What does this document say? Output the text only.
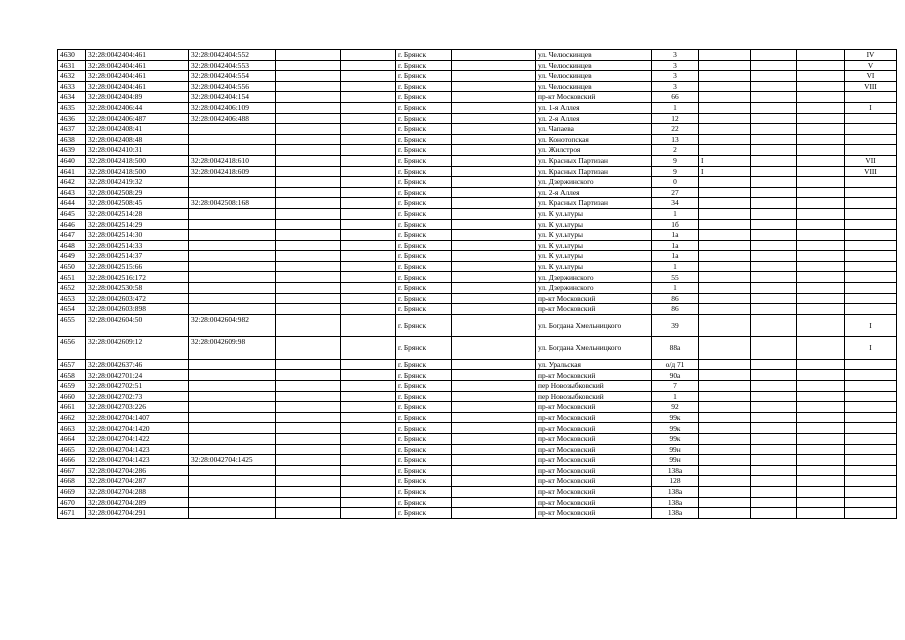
4630	32:28:0042404:461	32:28:0042404:552			г. Брянск		ул. Челюскинцев	3				IV
4631	32:28:0042404:461	32:28:0042404:553			г. Брянск		ул. Челюскинцев	3				V
4632	32:28:0042404:461	32:28:0042404:554			г. Брянск		ул. Челюскинцев	3				VI
4633	32:28:0042404:461	32:28:0042404:556			г. Брянск		ул. Челюскинцев	3				VIII
4634	32:28:0042404:89	32:28:0042404:154			г. Брянск		пр-кт Московский	66				
4635	32:28:0042406:44	32:28:0042406:109			г. Брянск		ул. 1-я Аллея	1				I
4636	32:28:0042406:487	32:28:0042406:488			г. Брянск		ул. 2-я Аллея	12				
4637	32:28:0042408:41				г. Брянск		ул. Чапаева	22				
4638	32:28:0042408:48				г. Брянск		ул. Конотопская	13				
4639	32:28:0042410:31				г. Брянск		ул. Жилстроя	2				
4640	32:28:0042418:500	32:28:0042418:610			г. Брянск		ул. Красных Партизан	9	I			VII
4641	32:28:0042418:500	32:28:0042418:609			г. Брянск		ул. Красных Партизан	9	I			VIII
4642	32:28:0042419:32				г. Брянск		ул. Дзержинского	0				
4643	32:28:0042508:29				г. Брянск		ул. 2-я Аллея	27				
4644	32:28:0042508:45	32:28:0042508:168			г. Брянск		ул. Красных Партизан	34				
4645	32:28:0042514:28				г. Брянск		ул. К ул.ьтуры	1				
4646	32:28:0042514:29				г. Брянск		ул. К ул.ьтуры	1б				
4647	32:28:0042514:30				г. Брянск		ул. К ул.ьтуры	1а				
4648	32:28:0042514:33				г. Брянск		ул. К ул.ьтуры	1а				
4649	32:28:0042514:37				г. Брянск		ул. К ул.ьтуры	1а				
4650	32:28:0042515:66				г. Брянск		ул. К ул.ьтуры	1				
4651	32:28:0042516:172				г. Брянск		ул. Дзержинского	55				
4652	32:28:0042530:58				г. Брянск		ул. Дзержинского	1				
4653	32:28:0042603:472				г. Брянск		пр-кт Московский	86				
4654	32:28:0042603:898				г. Брянск		пр-кт Московский	86				
4655	32:28:0042604:50	32:28:0042604:982			г. Брянск		ул. Богдана Хмельницкого	39				I
4656	32:28:0042609:12	32:28:0042609:98			г. Брянск		ул. Богдана Хмельницкого	88а				I
4657	32:28:0042637:46				г. Брянск		ул. Уральская	о/д 71				
4658	32:28:0042701:24				г. Брянск		пр-кт Московский	90а				
4659	32:28:0042702:51				г. Брянск		пер Новозыбковский	7				
4660	32:28:0042702:73				г. Брянск		пер Новозыбковский	1				
4661	32:28:0042703:226				г. Брянск		пр-кт Московский	92				
4662	32:28:0042704:1407				г. Брянск		пр-кт Московский	99к				
4663	32:28:0042704:1420				г. Брянск		пр-кт Московский	99к				
4664	32:28:0042704:1422				г. Брянск		пр-кт Московский	99к				
4665	32:28:0042704:1423				г. Брянск		пр-кт Московский	99н				
4666	32:28:0042704:1423	32:28:0042704:1425			г. Брянск		пр-кт Московский	99н				
4667	32:28:0042704:286				г. Брянск		пр-кт Московский	138а				
4668	32:28:0042704:287				г. Брянск		пр-кт Московский	128				
4669	32:28:0042704:288				г. Брянск		пр-кт Московский	138а				
4670	32:28:0042704:289				г. Брянск		пр-кт Московский	138а				
4671	32:28:0042704:291				г. Брянск		пр-кт Московский	138а				
